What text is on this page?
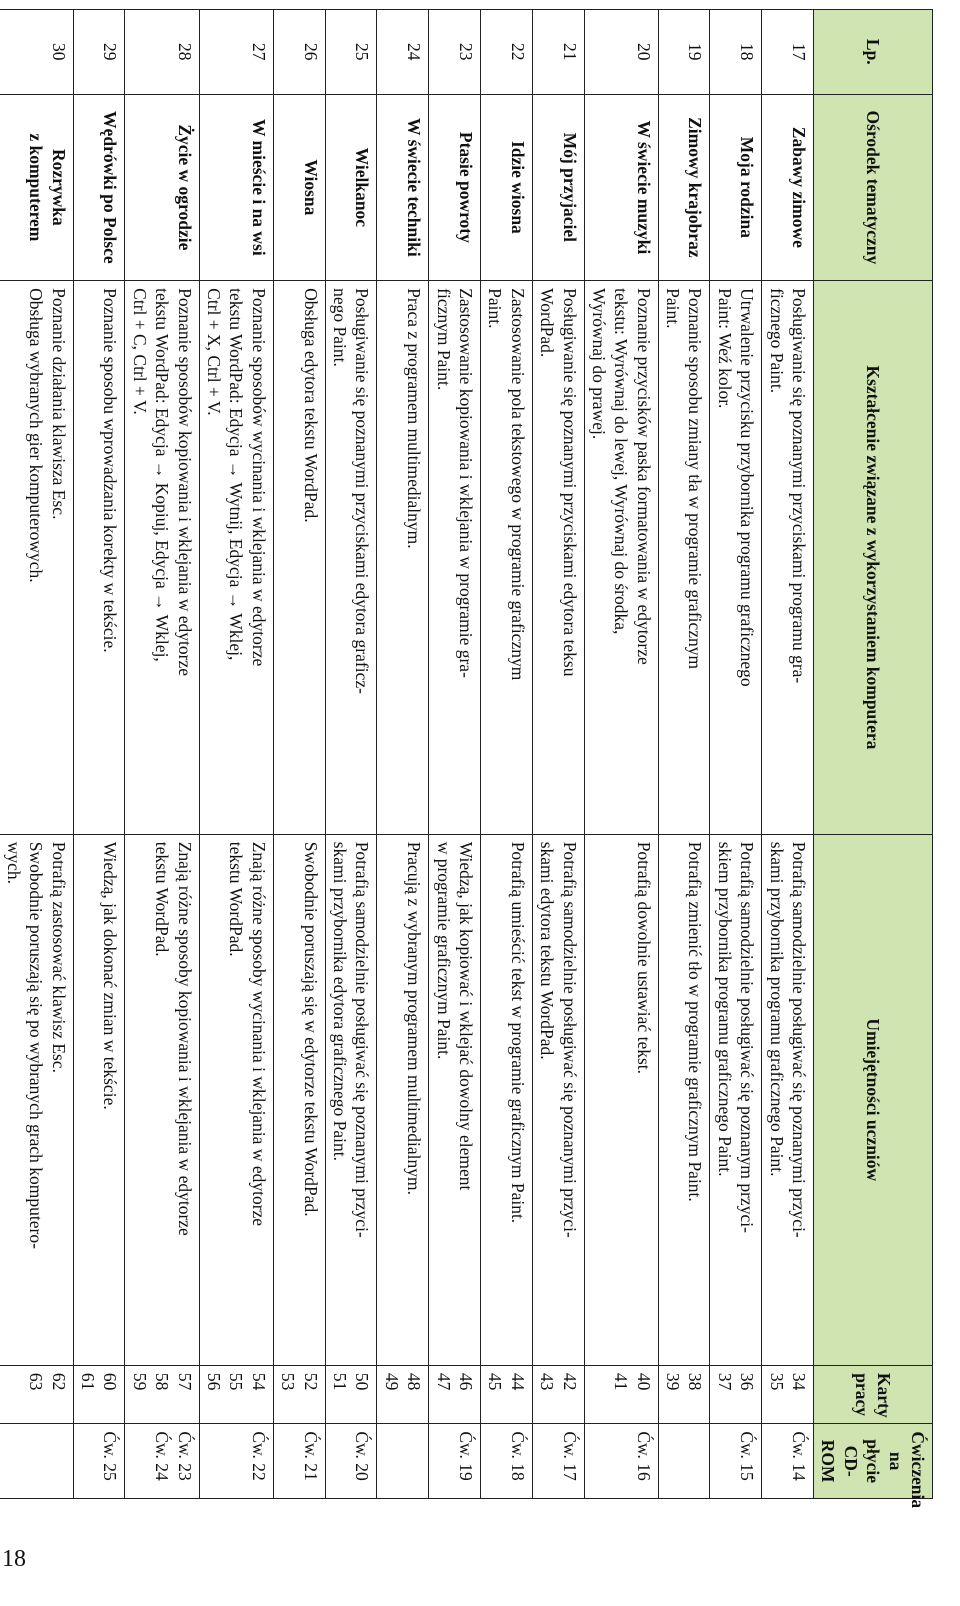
18
Lp.	Ośrodek tematyczny	Kształcenie związane z wykorzystaniem komputera	Umiejętności uczniów	Karty pracy	Ćwiczenia na płycie CD-ROM
17	Zabawy zimowe	Posługiwanie się poznanymi przyciskami programu gra-
ficznego Paint.	Potrafią samodzielnie posługiwać się poznanymi przyci-
skami przybornika programu graficznego Paint.	34
35	Ćw. 14

18	Moja rodzina	Utrwalenie przycisku przybornika programu graficznego
Paint: Weź kolor.	Potrafią samodzielnie posługiwać się poznanym przyci-
skiem przybornika programu graficznego Paint.	36
37	Ćw. 15

19	Zimowy krajobraz	Poznanie sposobu zmiany tła w programie graficznym
Paint.	Potrafią zmienić tło w programie graficznym Paint.	38
39	

20	W świecie muzyki	Poznanie przycisków paska formatowania w edytorze
tekstu: Wyrównaj do lewej, Wyrównaj do środka,
Wyrównaj do prawej.	Potrafią dowolnie ustawiać tekst.	40
41	Ćw. 16

21	Mój przyjaciel	Posługiwanie się poznanymi przyciskami edytora teksu
WordPad.	Potrafią samodzielnie posługiwać się poznanymi przyci-
skami edytora tekstu WordPad.	42
43	Ćw. 17

22	Idzie wiosna	Zastosowanie pola tekstowego w programie graficznym
Paint.	Potrafią umieścić tekst w programie graficznym Paint.	44
45	Ćw. 18

23	Ptasie powroty	Zastosowanie kopiowania i wklejania w programie gra-
ficznym Paint.	Wiedzą, jak kopiować i wklejać dowolny element
w programie graficznym Paint.	46
47	Ćw. 19

24	W świecie techniki	Praca z programem multimedialnym.	Pracują z wybranym programem multimedialnym.	48
49	

25	Wielkanoc	Posługiwanie się poznanymi przyciskami edytora graficz-
nego Paint.	Potrafią samodzielnie posługiwać się poznanymi przyci-
skami przybornika edytora graficznego Paint.	50
51	Ćw. 20

26	Wiosna	Obsługa edytora tekstu WordPad.	Swobodnie poruszają się w edytorze tekstu WordPad.	52
53	Ćw. 21

27	W mieście i na wsi	Poznanie sposobów wycinania i wklejania w edytorze
tekstu WordPad: Edycja → Wytnij, Edycja → Wklej,
Ctrl + X, Ctrl + V.	Znają różne sposoby wycinania i wklejania w edytorze
tekstu WordPad.	54
55
56	Ćw. 22

28	Życie w ogrodzie	Poznanie sposobów kopiowania i wklejania w edytorze
tekstu WordPad: Edycja → Kopiuj, Edycja → Wklej,
Ctrl + C, Ctrl + V.	Znają różne sposoby kopiowania i wklejania w edytorze
tekstu WordPad.	57
58
59	Ćw. 23
Ćw. 24

29	Wędrówki po Polsce	Poznanie sposobu wprowadzania korekty w tekście.	Wiedzą, jak dokonać zmian w tekście.	60
61	Ćw. 25

30	Rozrywka
z komputerem	Poznanie działania klawisza Esc.
Obsługa wybranych gier komputerowych.	Potrafią zastosować klawisz Esc.
Swobodnie poruszają się po wybranych grach komputero-
wych.	62
63	
